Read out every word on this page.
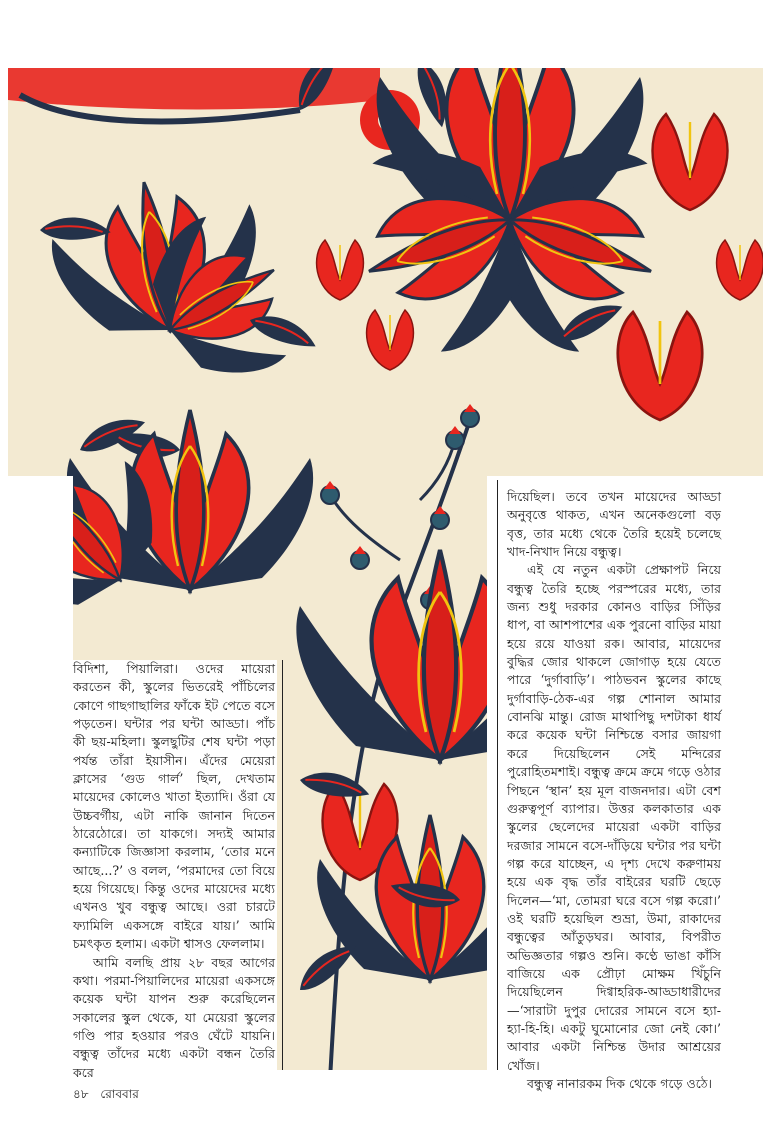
বিদিশা, পিয়ালিরা। ওদের মায়েরা করতেন কী, স্কুলের ভিতরেই পাঁচিলের কোণে গাছগাছালির ফাঁকে ইট পেতে বসে পড়তেন। ঘন্টার পর ঘন্টা আড্ডা। পাঁচ কী ছয়-মহিলা। স্কুলছুটির শেষ ঘন্টা পড়া পর্যন্ত তাঁরা ইয়াসীন। এঁদের মেয়েরা ক্লাসের ‘গুড গার্ল’ ছিল, দেখতাম মায়েদের কোলেও খাতা ইত্যাদি। ওঁরা যে উচ্চবর্গীয়, এটা নাকি জানান দিতেন ঠারেঠোরে। তা যাকগে। সদ্যই আমার কন্যাটিকে জিজ্ঞাসা করলাম, ‘তোর মনে আছে...?’ ও বলল, ‘পরমাদের তো বিয়ে হয়ে গিয়েছে। কিন্তু ওদের মায়েদের মধ্যে এখনও খুব বন্ধুত্ব আছে। ওরা চারটে ফ্যামিলি একসঙ্গে বাইরে যায়।’ আমি চমৎকৃত হলাম। একটা শ্বাসও ফেললাম।

আমি বলছি প্রায় ২৮ বছর আগের কথা। পরমা-পিয়ালিদের মায়েরা একসঙ্গে কয়েক ঘন্টা যাপন শুরু করেছিলেন সকালের স্কুল থেকে, যা মেয়েরা স্কুলের গণ্ডি পার হওয়ার পরও ঘেঁটে যায়নি। বন্ধুত্ব তাঁদের মধ্যে একটা বন্ধন তৈরি করে

দিয়েছিল। তবে তখন মায়েদের আড্ডা অনুবৃত্তে থাকত, এখন অনেকগুলো বড় বৃত্ত, তার মধ্যে থেকে তৈরি হয়েই চলেছে খাদ-নিখাদ নিয়ে বন্ধুত্ব।

এই যে নতুন একটা প্রেক্ষাপট নিয়ে বন্ধুত্ব তৈরি হচ্ছে পরস্পরের মধ্যে, তার জন্য শুধু দরকার কোনও বাড়ির সিঁড়ির ধাপ, বা আশপাশের এক পুরনো বাড়ির মায়া হয়ে রয়ে যাওয়া রক। আবার, মায়েদের বুদ্ধির জোর থাকলে জোগাড় হয়ে যেতে পারে ‘দুর্গাবাড়ি’। পাঠভবন স্কুলের কাছে দুর্গাবাড়ি-ঠেক-এর গল্প শোনাল আমার বোনঝি মান্তু। রোজ মাথাপিছু দশটাকা ধার্য করে কয়েক ঘন্টা নিশ্চিন্তে বসার জায়গা করে দিয়েছিলেন সেই মন্দিরের পুরোহিতমশাই। বন্ধুত্ব ক্রমে ক্রমে গড়ে ওঠার পিছনে ‘স্থান’ হয় মূল বাজনদার। এটা বেশ গুরুত্বপূর্ণ ব্যাপার। উত্তর কলকাতার এক স্কুলের ছেলেদের মায়েরা একটা বাড়ির দরজার সামনে বসে-দাঁড়িয়ে ঘন্টার পর ঘন্টা গল্প করে যাচ্ছেন, এ দৃশ্য দেখে করুণাময় হয়ে এক বৃদ্ধ তাঁর বাইরের ঘরটি ছেড়ে দিলেন—‘মা, তোমরা ঘরে বসে গল্প করো।’ ওই ঘরটি হয়েছিল শুভ্রা, উমা, রাকাদের বন্ধুত্বের আঁতুড়ঘর। আবার, বিপরীত অভিজ্ঞতার গল্পও শুনি। কণ্ঠে ভাঙা কাঁসি বাজিয়ে এক প্রৌঢ়া মোক্ষম খিঁচুনি দিয়েছিলেন দিগ্বাহরিক-আড্ডাধারীদের—‘সারাটা দুপুর দোরের সামনে বসে হ্যা-হ্যা-হি-হি। একটু ঘুমোনোর জো নেই কো।’ আবার একটা নিশ্চিন্ত উদার আশ্রয়ের খোঁজ।

বন্ধুত্ব নানারকম দিক থেকে গড়ে ওঠে।

৪৮ রোববার
